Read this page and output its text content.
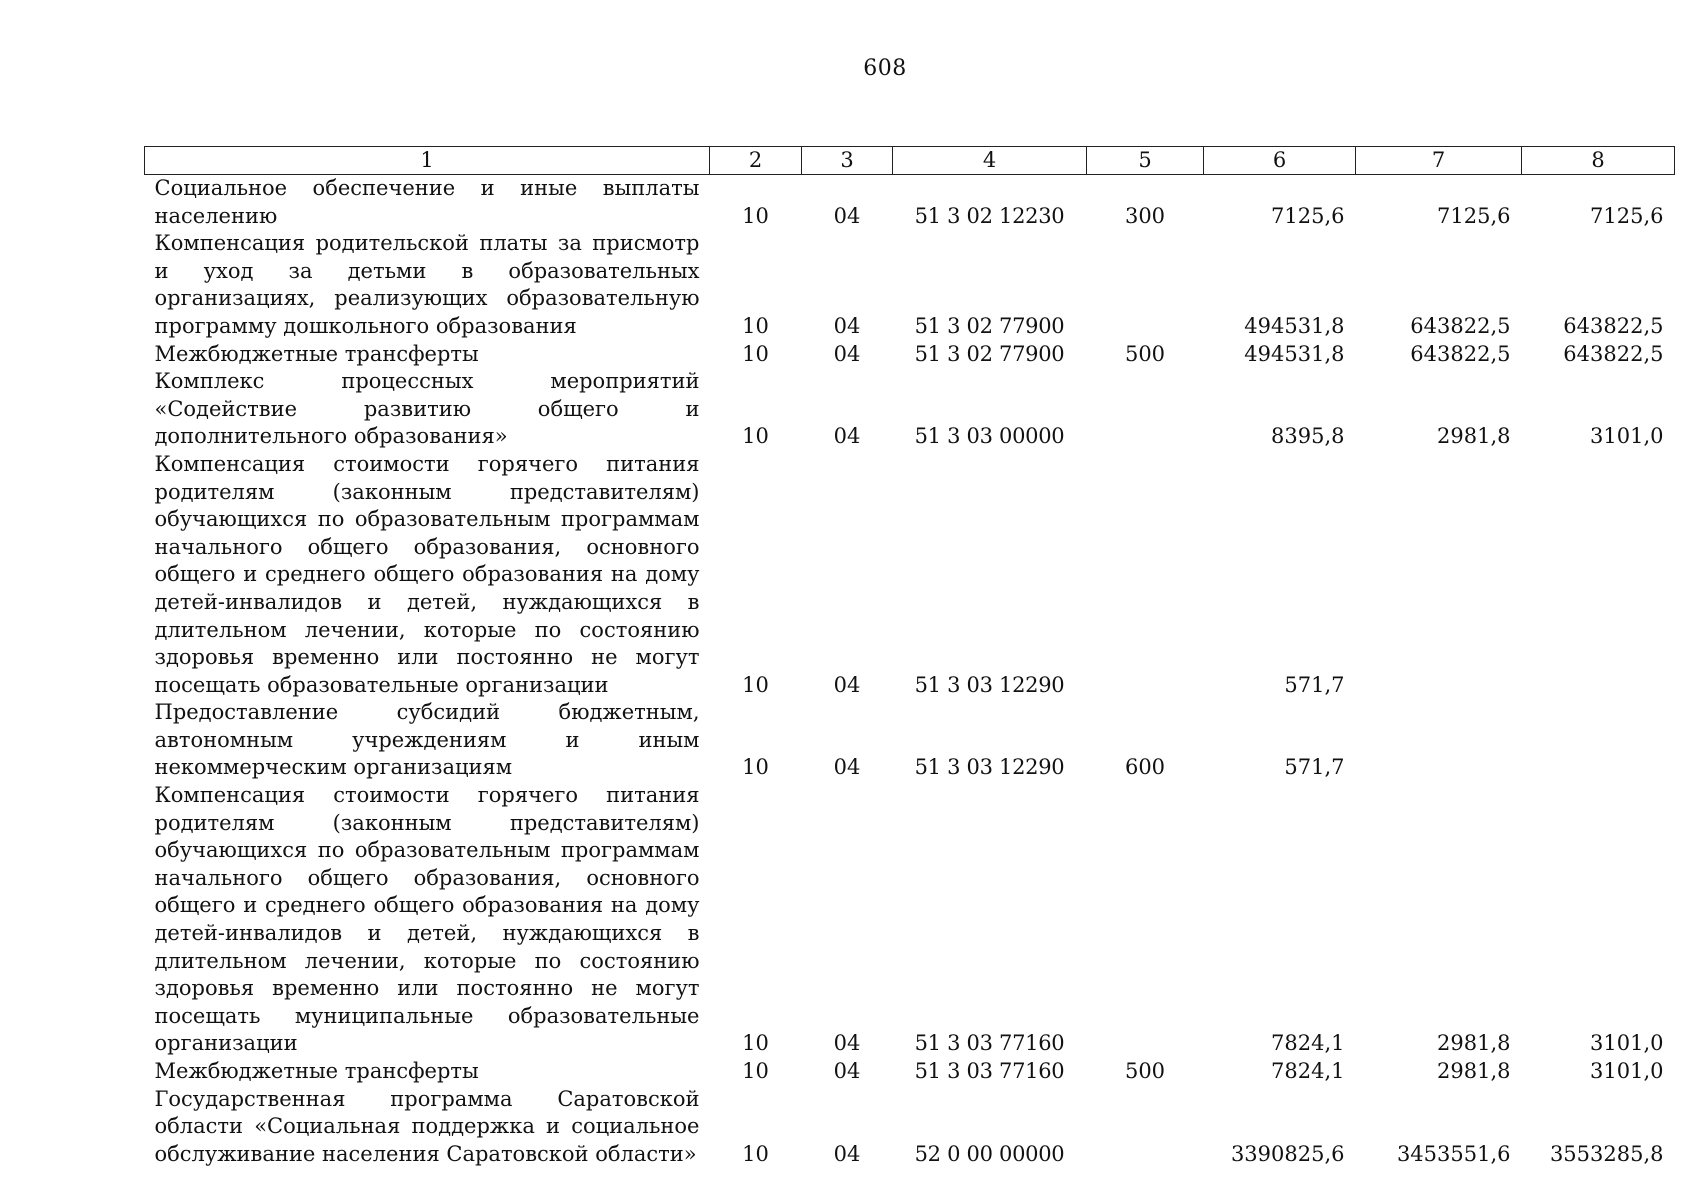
608
1	2	3	4	5	6	7	8
Социальное обеспечение и иные выплаты населению	10	04	51 3 02 12230	300	7125,6	7125,6	7125,6
Компенсация родительской платы за присмотр и уход за детьми в образовательных организациях, реализующих образовательную программу дошкольного образования	10	04	51 3 02 77900		494531,8	643822,5	643822,5
Межбюджетные трансферты	10	04	51 3 02 77900	500	494531,8	643822,5	643822,5
Комплекс процессных мероприятий «Содействие развитию общего и дополнительного образования»	10	04	51 3 03 00000		8395,8	2981,8	3101,0
Компенсация стоимости горячего питания родителям (законным представителям) обучающихся по образовательным программам начального общего образования, основного общего и среднего общего образования на дому детей-инвалидов и детей, нуждающихся в длительном лечении, которые по состоянию здоровья временно или постоянно не могут посещать образовательные организации	10	04	51 3 03 12290		571,7		
Предоставление субсидий бюджетным, автономным учреждениям и иным некоммерческим организациям	10	04	51 3 03 12290	600	571,7		
Компенсация стоимости горячего питания родителям (законным представителям) обучающихся по образовательным программам начального общего образования, основного общего и среднего общего образования на дому детей-инвалидов и детей, нуждающихся в длительном лечении, которые по состоянию здоровья временно или постоянно не могут посещать муниципальные образовательные организации	10	04	51 3 03 77160		7824,1	2981,8	3101,0
Межбюджетные трансферты	10	04	51 3 03 77160	500	7824,1	2981,8	3101,0
Государственная программа Саратовской области «Социальная поддержка и социальное обслуживание населения Саратовской области»	10	04	52 0 00 00000		3390825,6	3453551,6	3553285,8
